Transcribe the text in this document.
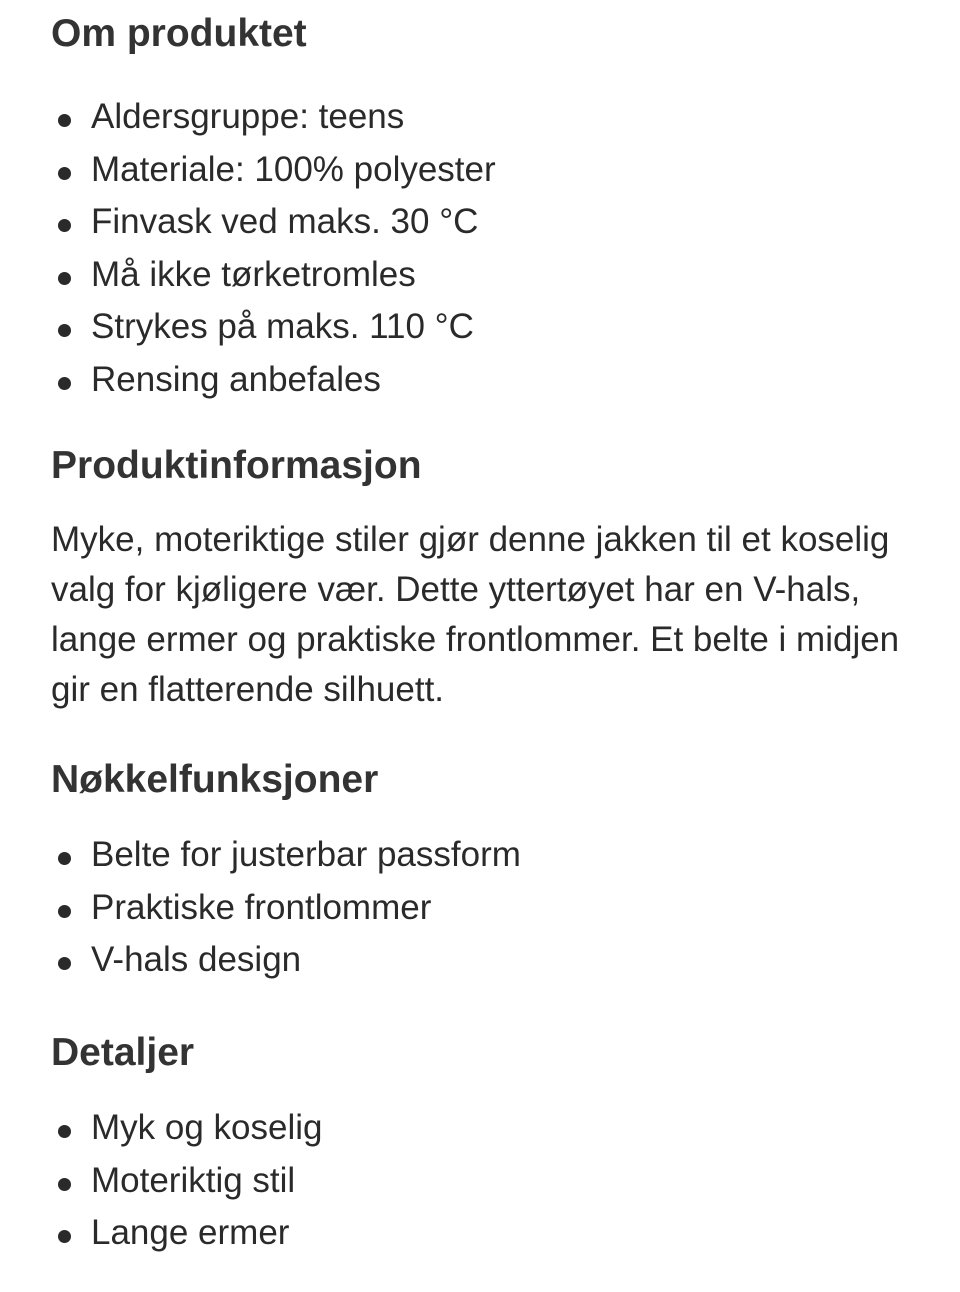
Om produktet
Aldersgruppe: teens
Materiale: 100% polyester
Finvask ved maks. 30 °C
Må ikke tørketromles
Strykes på maks. 110 °C
Rensing anbefales
Produktinformasjon

Myke, moteriktige stiler gjør denne jakken til et koselig valg for kjøligere vær. Dette yttertøyet har en V-hals, lange ermer og praktiske frontlommer. Et belte i midjen gir en flatterende silhuett.

Nøkkelfunksjoner
Belte for justerbar passform
Praktiske frontlommer
V-hals design
Detaljer
Myk og koselig
Moteriktig stil
Lange ermer
